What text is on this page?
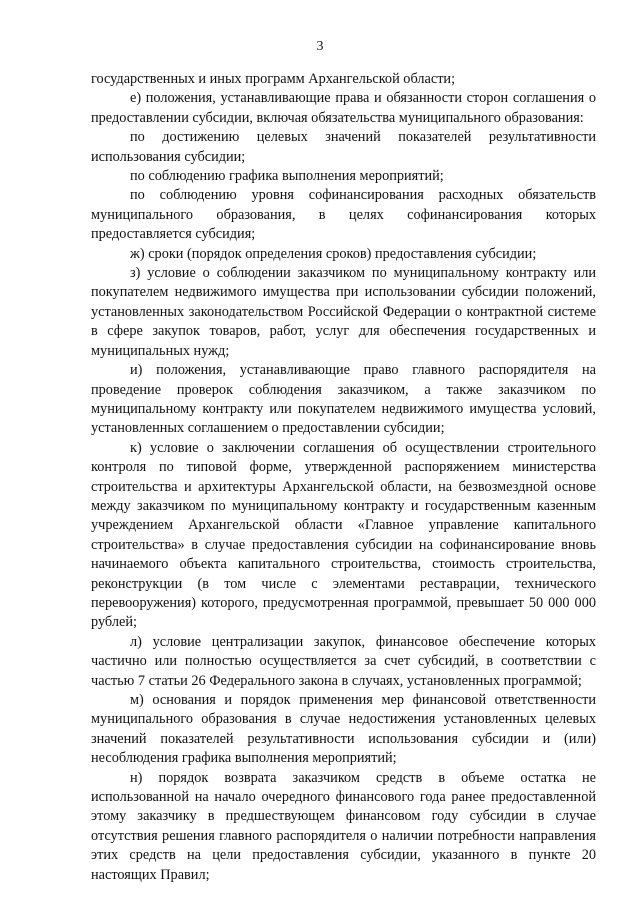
3

государственных и иных программ Архангельской области;

е) положения, устанавливающие права и обязанности сторон соглашения о предоставлении субсидии, включая обязательства муниципального образования:

по достижению целевых значений показателей результативности использования субсидии;

по соблюдению графика выполнения мероприятий;

по соблюдению уровня софинансирования расходных обязательств муниципального образования, в целях софинансирования которых предоставляется субсидия;

ж) сроки (порядок определения сроков) предоставления субсидии;

з) условие о соблюдении заказчиком по муниципальному контракту или покупателем недвижимого имущества при использовании субсидии положений, установленных законодательством Российской Федерации о контрактной системе в сфере закупок товаров, работ, услуг для обеспечения государственных и муниципальных нужд;

и) положения, устанавливающие право главного распорядителя на проведение проверок соблюдения заказчиком, а также заказчиком по муниципальному контракту или покупателем недвижимого имущества условий, установленных соглашением о предоставлении субсидии;

к) условие о заключении соглашения об осуществлении строительного контроля по типовой форме, утвержденной распоряжением министерства строительства и архитектуры Архангельской области, на безвозмездной основе между заказчиком по муниципальному контракту и государственным казенным учреждением Архангельской области «Главное управление капитального строительства» в случае предоставления субсидии на софинансирование вновь начинаемого объекта капитального строительства, стоимость строительства, реконструкции (в том числе с элементами реставрации, технического перевооружения) которого, предусмотренная программой, превышает 50 000 000 рублей;

л) условие централизации закупок, финансовое обеспечение которых частично или полностью осуществляется за счет субсидий, в соответствии с частью 7 статьи 26 Федерального закона в случаях, установленных программой;

м) основания и порядок применения мер финансовой ответственности муниципального образования в случае недостижения установленных целевых значений показателей результативности использования субсидии и (или) несоблюдения графика выполнения мероприятий;

н) порядок возврата заказчиком средств в объеме остатка не использованной на начало очередного финансового года ранее предоставленной этому заказчику в предшествующем финансовом году субсидии в случае отсутствия решения главного распорядителя о наличии потребности направления этих средств на цели предоставления субсидии, указанного в пункте 20 настоящих Правил;
